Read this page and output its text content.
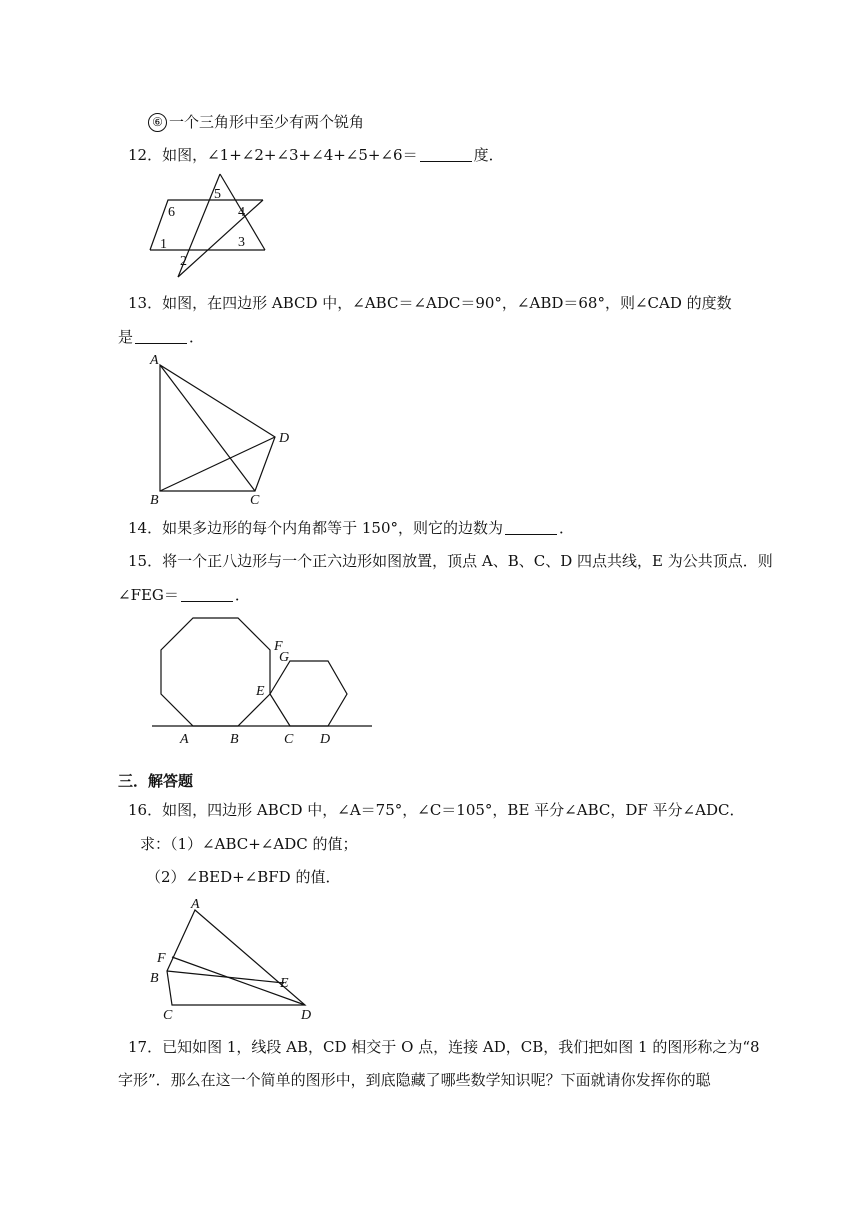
⑥ 一个三角形中至少有两个锐角
12．如图，∠1+∠2+∠3+∠4+∠5+∠6＝	度．
1
2
3
4
5
6
13．如图，在四边形 ABCD 中，∠ABC＝∠ADC＝90°，∠ABD＝68°，则∠CAD 的度数
是	．
A
B	C
D
14．如果多边形的每个内角都等于 150°，则它的边数为	．
15．将一个正八边形与一个正六边形如图放置，顶点 A、B、C、D 四点共线，E 为公共顶点．则
∠FEG＝	．
A	B	C D
E
F
G
三．解答题
16．如图，四边形 ABCD 中，∠A＝75°，∠C＝105°，BE 平分∠ABC，DF 平分∠ADC．
求：（1）∠ABC+∠ADC 的值；
（2）∠BED+∠BFD 的值．
A
B
C	D
E
F
17．已知如图 1，线段 AB，CD 相交于 O 点，连接 AD，CB，我们把如图 1 的图形称之为“8
字形”．那么在这一个简单的图形中，到底隐藏了哪些数学知识呢？下面就请你发挥你的聪
